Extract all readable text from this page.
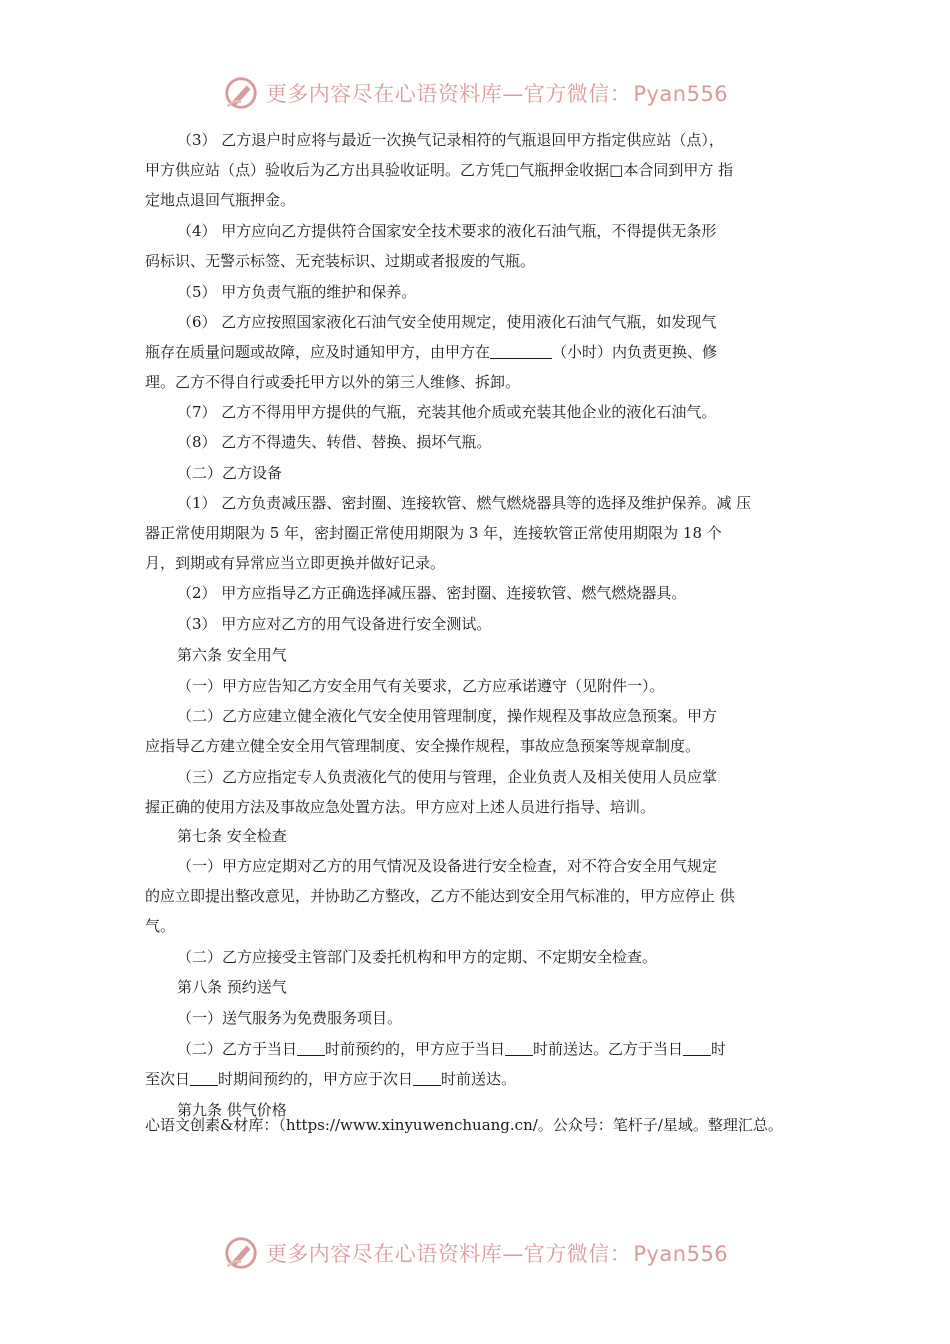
更多内容尽在心语资料库—官方微信：Pyan556
（3） 乙方退户时应将与最近一次换气记录相符的气瓶退回甲方指定供应站（点），
甲方供应站（点）验收后为乙方出具验收证明。乙方凭□气瓶押金收据□本合同到甲方 指
定地点退回气瓶押金。
（4） 甲方应向乙方提供符合国家安全技术要求的液化石油气瓶，不得提供无条形
码标识、无警示标签、无充装标识、过期或者报废的气瓶。
（5） 甲方负责气瓶的维护和保养。
（6） 乙方应按照国家液化石油气安全使用规定，使用液化石油气气瓶，如发现气
瓶存在质量问题或故障，应及时通知甲方，由甲方在	（小时）内负责更换、修
理。乙方不得自行或委托甲方以外的第三人维修、拆卸。
（7） 乙方不得用甲方提供的气瓶，充装其他介质或充装其他企业的液化石油气。
（8） 乙方不得遗失、转借、替换、损坏气瓶。
（二）乙方设备
（1） 乙方负责减压器、密封圈、连接软管、燃气燃烧器具等的选择及维护保养。减 压
器正常使用期限为 5 年，密封圈正常使用期限为 3 年，连接软管正常使用期限为 18 个
月，到期或有异常应当立即更换并做好记录。
（2） 甲方应指导乙方正确选择减压器、密封圈、连接软管、燃气燃烧器具。
（3） 甲方应对乙方的用气设备进行安全测试。
第六条 安全用气
（一）甲方应告知乙方安全用气有关要求，乙方应承诺遵守（见附件一）。
（二）乙方应建立健全液化气安全使用管理制度，操作规程及事故应急预案。甲方
应指导乙方建立健全安全用气管理制度、安全操作规程，事故应急预案等规章制度。
（三）乙方应指定专人负责液化气的使用与管理，企业负责人及相关使用人员应掌
握正确的使用方法及事故应急处置方法。甲方应对上述人员进行指导、培训。
第七条 安全检查
（一）甲方应定期对乙方的用气情况及设备进行安全检查，对不符合安全用气规定
的应立即提出整改意见，并协助乙方整改，乙方不能达到安全用气标准的，甲方应停止 供
气。
（二）乙方应接受主管部门及委托机构和甲方的定期、不定期安全检查。
第八条 预约送气
（一）送气服务为免费服务项目。
（二）乙方于当日 时前预约的，甲方应于当日 时前送达。乙方于当日 时
至次日 时期间预约的，甲方应于次日 时前送达。
第九条 供气价格
心语文创素&材库：（https://www.xinyuwenchuang.cn/。公众号：笔杆子/星域。整理汇总。
更多内容尽在心语资料库—官方微信：Pyan556
